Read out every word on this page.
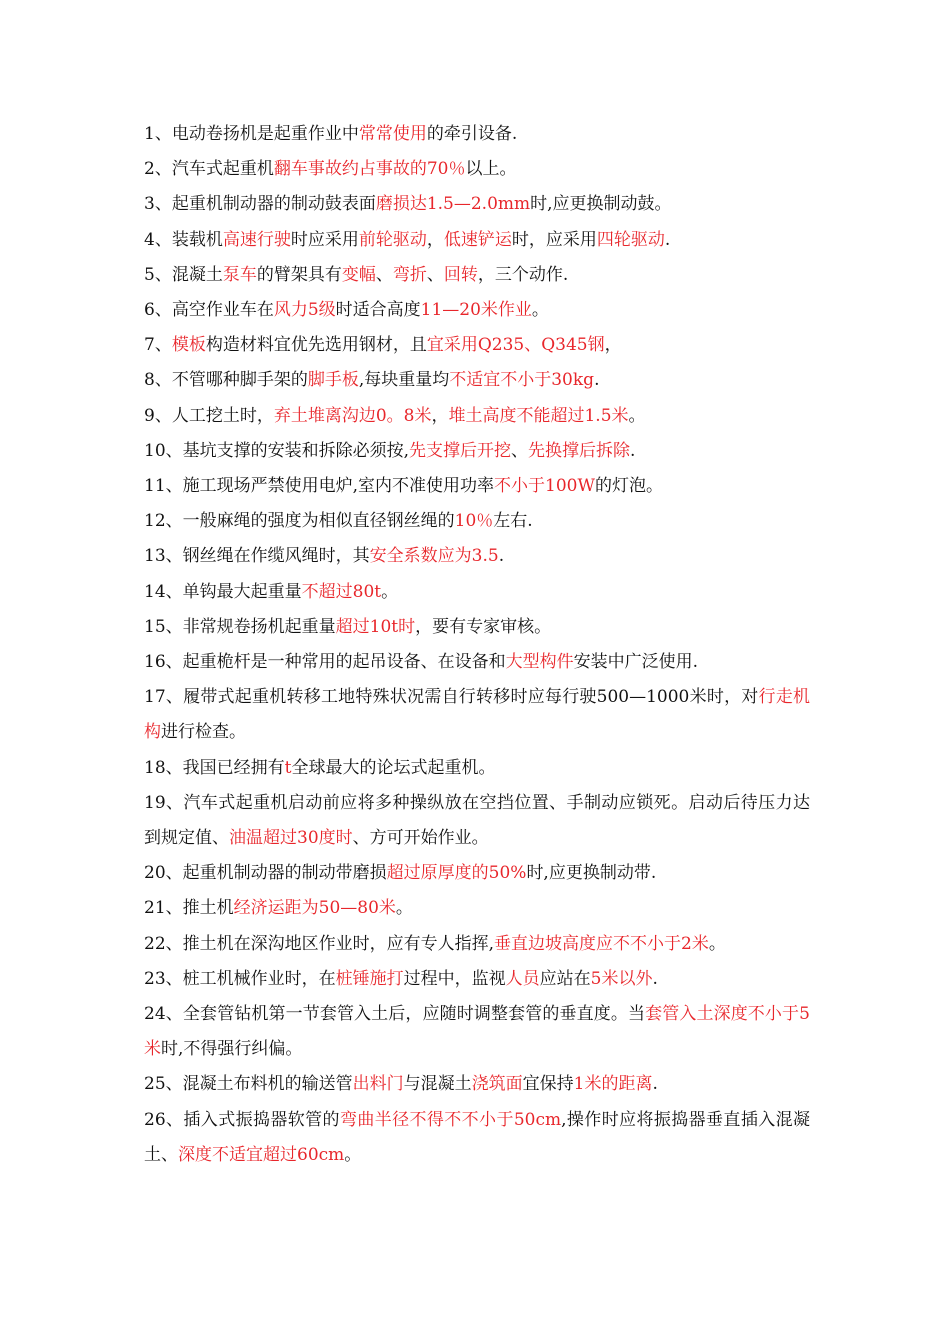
1、电动卷扬机是起重作业中常常使用的牵引设备.

2、汽车式起重机翻车事故约占事故的70％以上。

3、起重机制动器的制动鼓表面磨损达1.5—2.0mm时,应更换制动鼓。

4、装载机高速行驶时应采用前轮驱动，低速铲运时，应采用四轮驱动.

5、混凝土泵车的臂架具有变幅、弯折、回转，三个动作.

6、高空作业车在风力5级时适合高度11—20米作业。

7、模板构造材料宜优先选用钢材，且宜采用Q235、Q345钢，

8、不管哪种脚手架的脚手板,每块重量均不适宜不小于30kg.

9、人工挖土时，弃土堆离沟边0。8米，堆土高度不能超过1.5米。

10、基坑支撑的安装和拆除必须按,先支撑后开挖、先换撑后拆除.

11、施工现场严禁使用电炉,室内不准使用功率不小于100W的灯泡。

12、一般麻绳的强度为相似直径钢丝绳的10％左右.

13、钢丝绳在作缆风绳时，其安全系数应为3.5.

14、单钩最大起重量不超过80t。

15、非常规卷扬机起重量超过10t时，要有专家审核。

16、起重桅杆是一种常用的起吊设备、在设备和大型构件安装中广泛使用.

17、履带式起重机转移工地特殊状况需自行转移时应每行驶500—1000米时，对行走机构进行检查。

18、我国已经拥有t全球最大的论坛式起重机。

19、汽车式起重机启动前应将多种操纵放在空挡位置、手制动应锁死。启动后待压力达到规定值、油温超过30度时、方可开始作业。

20、起重机制动器的制动带磨损超过原厚度的50%时,应更换制动带.

21、推土机经济运距为50—80米。

22、推土机在深沟地区作业时，应有专人指挥,垂直边坡高度应不不小于2米。

23、桩工机械作业时，在桩锤施打过程中，监视人员应站在5米以外.

24、全套管钻机第一节套管入土后，应随时调整套管的垂直度。当套管入土深度不小于5米时,不得强行纠偏。

25、混凝土布料机的输送管出料门与混凝土浇筑面宜保持1米的距离.

26、插入式振捣器软管的弯曲半径不得不不小于50cm,操作时应将振捣器垂直插入混凝土、深度不适宜超过60cm。
